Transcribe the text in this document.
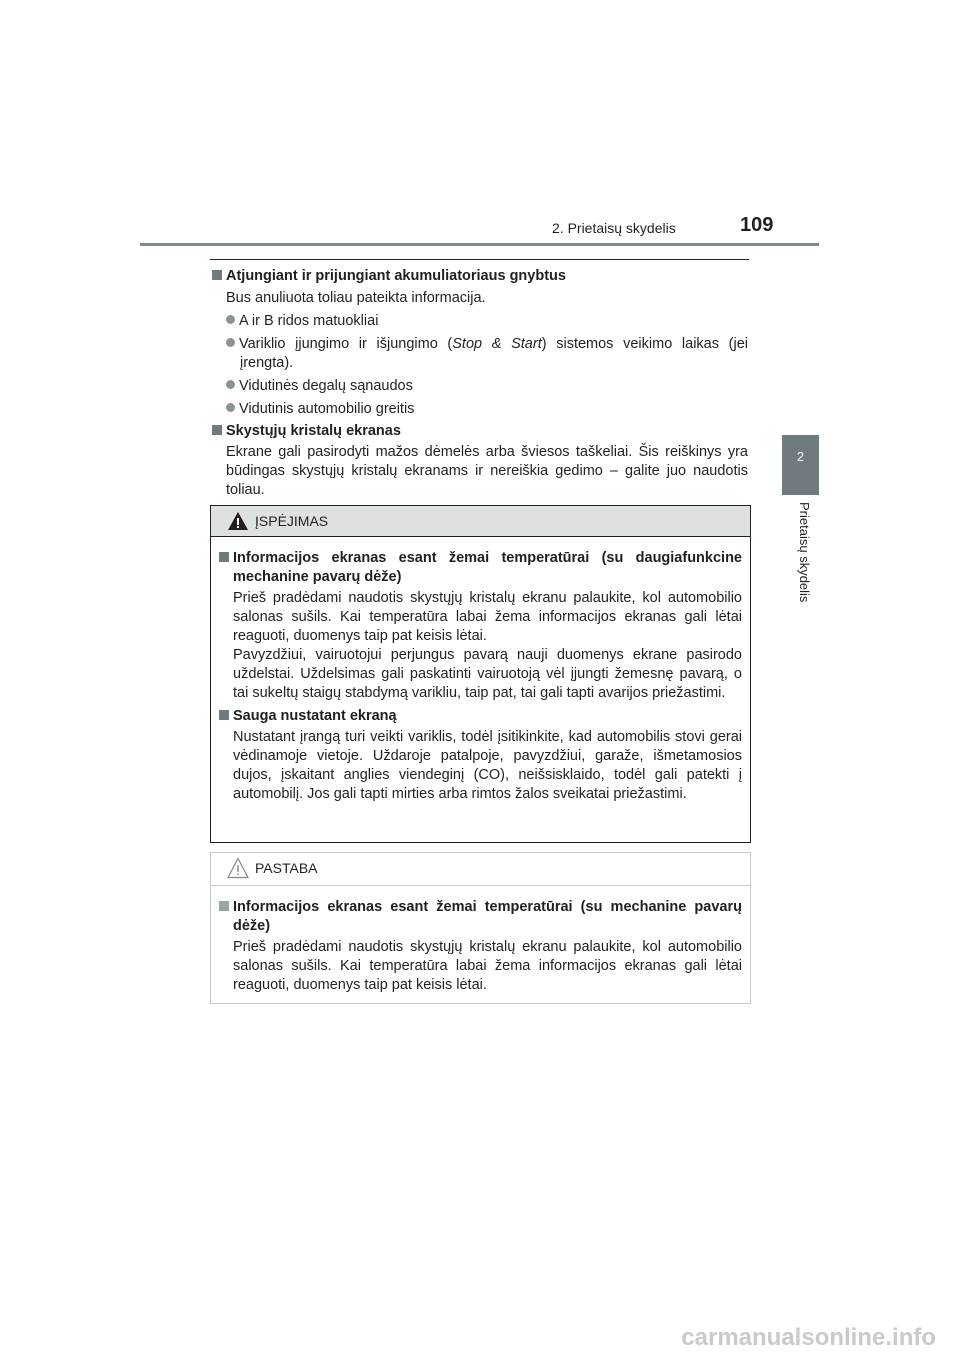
2. Prietaisų skydelis	109
2
Prietaisų skydelis
Atjungiant ir prijungiant akumuliatoriaus gnybtus
Bus anuliuota toliau pateikta informacija.
A ir B ridos matuokliai
Variklio įjungimo ir išjungimo (Stop & Start) sistemos veikimo laikas (jei įrengta).
Vidutinės degalų sąnaudos
Vidutinis automobilio greitis
Skystųjų kristalų ekranas
Ekrane gali pasirodyti mažos dėmelės arba šviesos taškeliai. Šis reiškinys yra būdingas skystųjų kristalų ekranams ir nereiškia gedimo – galite juo naudotis toliau.
ĮSPĖJIMAS
Informacijos ekranas esant žemai temperatūrai (su daugiafunkcine mechanine pavarų dėže)
Prieš pradėdami naudotis skystųjų kristalų ekranu palaukite, kol automobilio salonas sušils. Kai temperatūra labai žema informacijos ekranas gali lėtai reaguoti, duomenys taip pat keisis lėtai.
Pavyzdžiui, vairuotojui perjungus pavarą nauji duomenys ekrane pasirodo uždelstai. Uždelsimas gali paskatinti vairuotoją vėl įjungti žemesnę pavarą, o tai sukeltų staigų stabdymą varikliu, taip pat, tai gali tapti avarijos priežastimi.
Sauga nustatant ekraną
Nustatant įrangą turi veikti variklis, todėl įsitikinkite, kad automobilis stovi gerai vėdinamoje vietoje. Uždaroje patalpoje, pavyzdžiui, garaže, išmetamosios dujos, įskaitant anglies viendeginį (CO), neišsisklaido, todėl gali patekti į automobilį. Jos gali tapti mirties arba rimtos žalos sveikatai priežastimi.
PASTABA
Informacijos ekranas esant žemai temperatūrai (su mechanine pavarų dėže)
Prieš pradėdami naudotis skystųjų kristalų ekranu palaukite, kol automobilio salonas sušils. Kai temperatūra labai žema informacijos ekranas gali lėtai reaguoti, duomenys taip pat keisis lėtai.
carmanualsonline.info
